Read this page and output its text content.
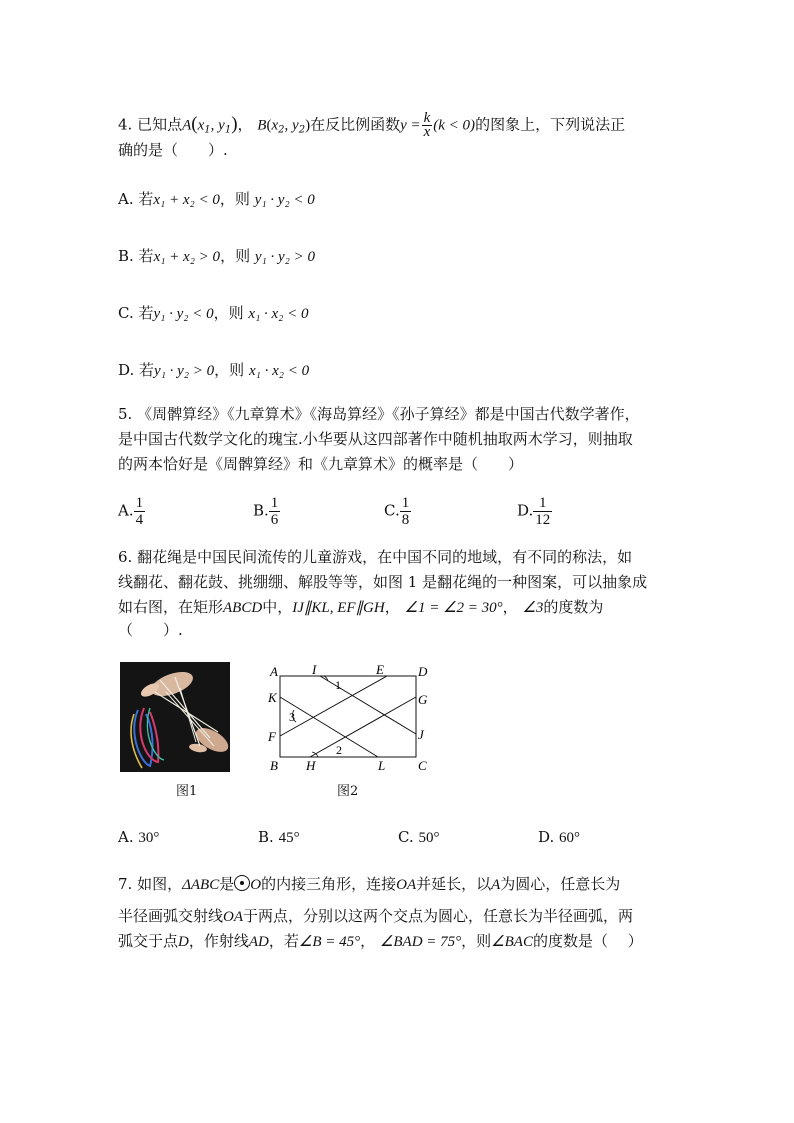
4. 已知点$A(x_1$, $y_1$)， $B(x_2$, $y_2$)在反比例函数$y = \frac{k}{x} (k < 0)$的图象上，下列说法正
确的是（　　）.
A. 若x₁ + x₂ < 0，则 y₁ · y₂ < 0
B. 若x₁ + x₂ > 0，则 y₁ · y₂ > 0
C. 若y₁ · y₂ < 0，则 x₁ · x₂ < 0
D. 若y₁ · y₂ > 0，则 x₁ · x₂ < 0
5. 《周髀算经》《九章算术》《海岛算经》《孙子算经》都是中国古代数学著作，
是中国古代数学文化的瑰宝.小华要从这四部著作中随机抽取两木学习，则抽取
的两本恰好是《周髀算经》和《九章算术》的概率是（　　）
A. $\frac{1}{4}$	B. $\frac{1}{6}$	C. $\frac{1}{8}$	D. $\frac{1}{12}$
6. 翻花绳是中国民间流传的儿童游戏，在中国不同的地域，有不同的称法，如
线翻花、翻花鼓、挑绷绷、解股等等，如图 1 是翻花绳的一种图案，可以抽象成
如右图，在矩形ABCD中，IJ∥KL, EF∥GH， ∠1 = ∠2 = 30°， ∠3的度数为
（　　）.
图1
A	I	E	D
K	G
F	J
B H	L	C
1
2
3
图2
A. 30°	B. 45°	C. 50°	D. 60°
7. 如图，ΔABC是 O的内接三角形，连接OA并延长，以A为圆心，任意长为
半径画弧交射线OA于两点，分别以这两个交点为圆心，任意长为半径画弧，两
弧交于点D，作射线AD，若∠B = 45°， ∠BAD = 75°，则∠BAC的度数是（　 ）
